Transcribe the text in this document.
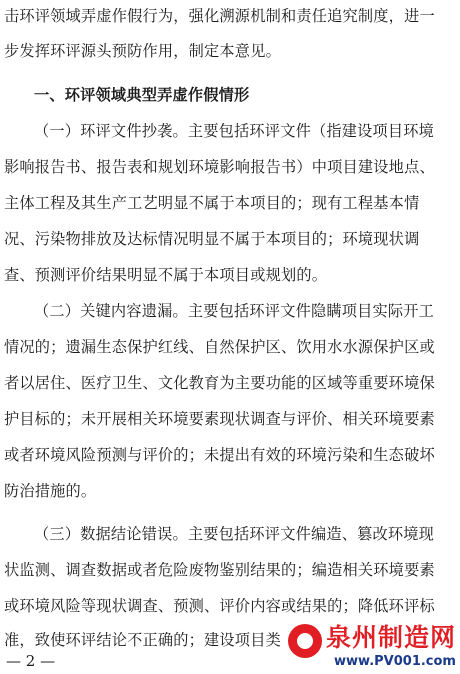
击环评领域弄虚作假行为，强化溯源机制和责任追究制度，进一
步发挥环评源头预防作用，制定本意见。
一、环评领域典型弄虚作假情形
（一）环评文件抄袭。主要包括环评文件（指建设项目环境
影响报告书、报告表和规划环境影响报告书）中项目建设地点、
主体工程及其生产工艺明显不属于本项目的；现有工程基本情
况、污染物排放及达标情况明显不属于本项目的；环境现状调
查、预测评价结果明显不属于本项目或规划的。
（二）关键内容遗漏。主要包括环评文件隐瞒项目实际开工
情况的；遗漏生态保护红线、自然保护区、饮用水水源保护区或
者以居住、医疗卫生、文化教育为主要功能的区域等重要环境保
护目标的；未开展相关环境要素现状调查与评价、相关环境要素
或者环境风险预测与评价的；未提出有效的环境污染和生态破坏
防治措施的。
（三）数据结论错误。主要包括环评文件编造、篡改环境现
状监测、调查数据或者危险废物鉴别结果的；编造相关环境要素
或环境风险等现状调查、预测、评价内容或结果的；降低环评标
准，致使环评结论不正确的；建设项目类
— 2 —
泉州制造网
www.PV001.com
